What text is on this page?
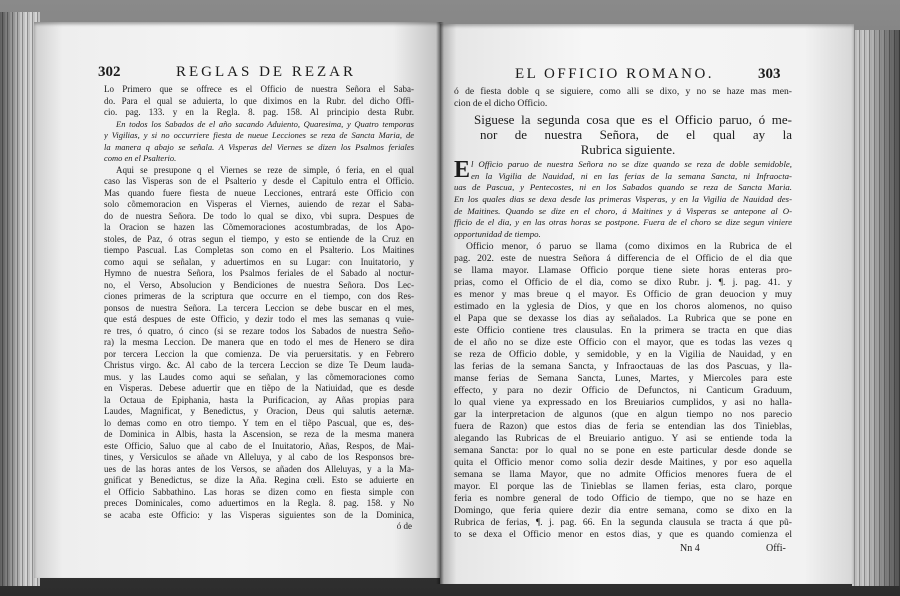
302	REGLAS DE REZAR
Lo Primero que se offrece es el Officio de nuestra Señora el Saba-
do. Para el qual se aduierta, lo que diximos en la Rubr. del dicho Offi-
cio. pag. 133. y en la Regla. 8. pag. 158. Al principio desta Rubr.
En todos los Sabados de el año sacando Aduiento, Quaresima, y Quatro temporas
y Vigilias, y si no occurriere fiesta de nueue Lecciones se reza de Sancta Maria, de
la manera q abajo se señala. A Visperas del Viernes se dizen los Psalmos feriales
como en el Psalterio.
Aqui se presupone q el Viernes se reze de simple, ó feria, en el qual
caso las Visperas son de el Psalterio y desde el Capitulo entra el Officio.
Mas quando fuere fiesta de nueue Lecciones, entrará este Officio con
solo cõmemoracion en Visperas el Viernes, auiendo de rezar el Saba-
do de nuestra Señora. De todo lo qual se dixo, vbi supra. Despues de
la Oracion se hazen las Cõmemoraciones acostumbradas, de los Apo-
stoles, de Paz, ó otras segun el tiempo, y esto se entiende de la Cruz en
tiempo Pascual. Las Completas son como en el Psalterio. Los Maitines
como aqui se señalan, y aduertimos en su Lugar: con Inuitatorio, y
Hymno de nuestra Señora, los Psalmos feriales de el Sabado al noctur-
no, el Verso, Absolucion y Bendiciones de nuestra Señora. Dos Lec-
ciones primeras de la scriptura que occurre en el tiempo, con dos Res-
ponsos de nuestra Señora. La tercera Leccion se debe buscar en el mes,
que está despues de este Officio, y dezir todo el mes las semanas q vuie-
re tres, ó quatro, ó cinco (si se rezare todos los Sabados de nuestra Seño-
ra) la mesma Leccion. De manera que en todo el mes de Henero se dira
por tercera Leccion la que comienza. De via peruersitatis. y en Febrero
Christus virgo. &c. Al cabo de la tercera Leccion se dize Te Deum lauda-
mus. y las Laudes como aqui se señalan, y las cõmemoraciones como
en Visperas. Debese aduertir que en tiẽpo de la Natiuidad, que es desde
la Octaua de Epiphania, hasta la Purificacion, ay Añas propias para
Laudes, Magnificat, y Benedictus, y Oracion, Deus qui salutis aeternæ.
lo demas como en otro tiempo. Y tem en el tiẽpo Pascual, que es, des-
de Dominica in Albis, hasta la Ascension, se reza de la mesma manera
este Officio, Saluo que al cabo de el Inuitatorio, Añas, Respos, de Mai-
tines, y Versiculos se añade vn Alleluya, y al cabo de los Responsos bre-
ues de las horas antes de los Versos, se añaden dos Alleluyas, y a la Ma-
gnificat y Benedictus, se dize la Aña. Regina cœli. Esto se aduierte en
el Officio Sabbathino. Las horas se dizen como en fiesta simple con
preces Dominicales, como aduertimos en la Regla. 8. pag. 158. y No
se acaba este Officio: y las Visperas siguientes son de la Dominica,
ó de
EL OFFICIO ROMANO.	303
ó de fiesta doble q se siguiere, como alli se dixo, y no se haze mas men-
cion de el dicho Officio.
Siguese la segunda cosa que es el Officio paruo, ó me-
nor de nuestra Señora, de el qual ay la
Rubrica siguiente.
E l Officio paruo de nuestra Señora no se dize quando se reza de doble semidoble,
en la Vigilia de Nauidad, ni en las ferias de la semana Sancta, ni Infraocta-
uas de Pascua, y Pentecostes, ni en los Sabados quando se reza de Sancta Maria.
En los quales dias se dexa desde las primeras Visperas, y en la Vigilia de Nauidad des-
de Maitines. Quando se dize en el choro, á Maitines y á Visperas se antepone al O-
fficio de el dia, y en las otras horas se postpone. Fuera de el choro se dize segun viniere
opportunidad de tiempo.
Officio menor, ó paruo se llama (como diximos en la Rubrica de el
pag. 202. este de nuestra Señora á differencia de el Officio de el dia que
se llama mayor. Llamase Officio porque tiene siete horas enteras pro-
prias, como el Officio de el dia, como se dixo Rubr. j. ¶. j. pag. 41. y
es menor y mas breue q el mayor. Es Officio de gran deuocion y muy
estimado en la yglesia de Dios, y que en los choros alomenos, no quiso
el Papa que se dexasse los dias ay señalados. La Rubrica que se pone en
este Officio contiene tres clausulas. En la primera se tracta en que dias
de el año no se dize este Officio con el mayor, que es todas las vezes q
se reza de Officio doble, y semidoble, y en la Vigilia de Nauidad, y en
las ferias de la semana Sancta, y Infraoctauas de las dos Pascuas, y lla-
manse ferias de Semana Sancta, Lunes, Martes, y Miercoles para este
effecto, y para no dezir Officio de Defunctos, ni Canticum Graduum,
lo qual viene ya expressado en los Breuiarios cumplidos, y asi no halla-
gar la interpretacion de algunos (que en algun tiempo no nos parecio
fuera de Razon) que estos dias de feria se entendian las dos Tinieblas,
alegando las Rubricas de el Breuiario antiguo. Y asi se entiende toda la
semana Sancta: por lo qual no se pone en este particular desde donde se
quita el Officio menor como solia dezir desde Maitines, y por eso aquella
semana se llama Mayor, que no admite Officios menores fuera de el
mayor. El porque las de Tinieblas se llamen ferias, esta claro, porque
feria es nombre general de todo Officio de tiempo, que no se haze en
Domingo, que feria quiere dezir dia entre semana, como se dixo en la
Rubrica de ferias, ¶. j. pag. 66. En la segunda clausula se tracta á que pũ-
to se dexa el Officio menor en estos dias, y que es quando comienza el
Nn 4	Offi-
